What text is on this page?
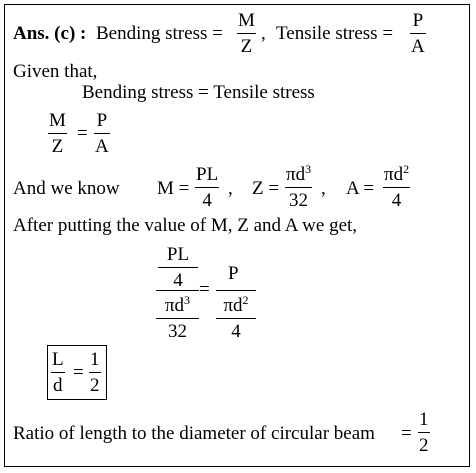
Ans. (c) : Bending stress =
M
Z
, Tensile stress =
P
A
Given that,
Bending stress = Tensile stress
M
Z
=
P
A
And we know M =
PL
4
, Z =
$\pi d^3$
32
, A =
$\pi d^2$
4
After putting the value of M, Z and A we get,
PL
4
$\pi d^3$
32
=
P
$\pi d^2$
4
L
d
=
1
2
Ratio of length to the diameter of circular beam =
1
2
